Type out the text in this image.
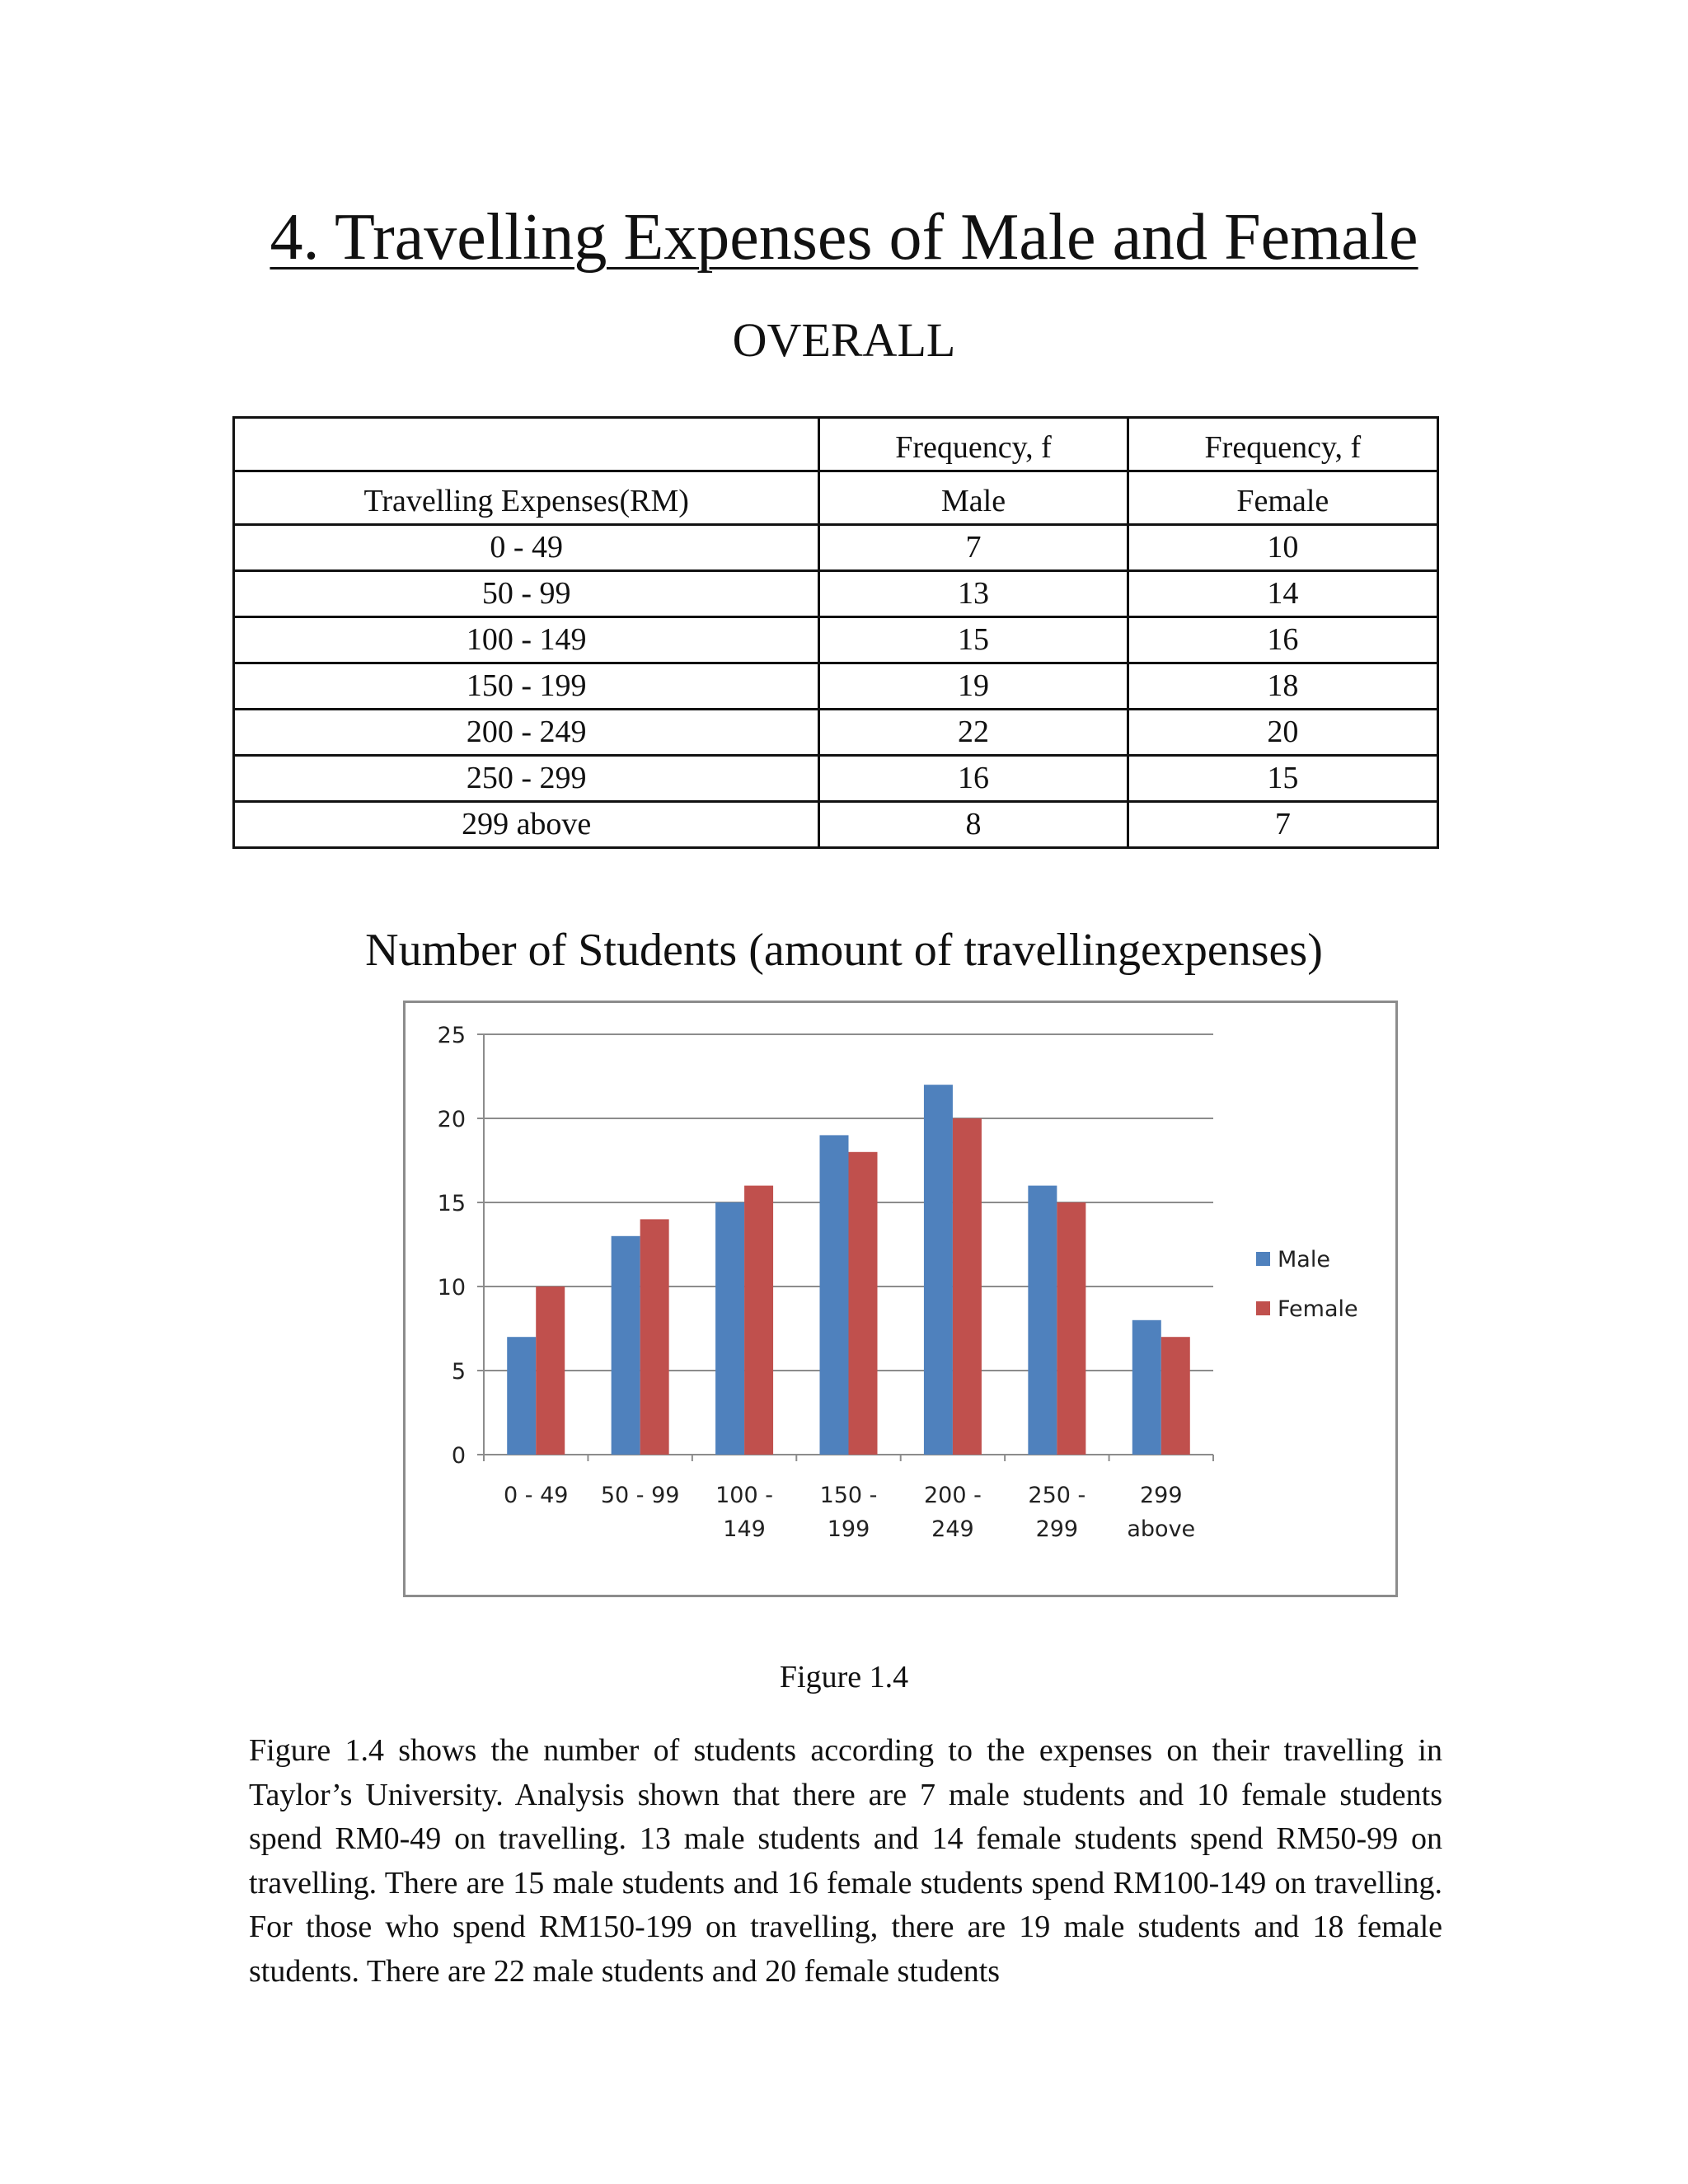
4. Travelling Expenses of Male and Female
OVERALL
	Frequency, f	Frequency, f
Travelling Expenses(RM)	Male	Female
0 - 49	7	10
50 - 99	13	14
100 - 149	15	16
150 - 199	19	18
200 - 249	22	20
250 - 299	16	15
299 above	8	7
Number of Students (amount of travellingexpenses)
0
5
10
15
20
25
0 - 49 50 - 99 100 -
149
150 -
199
200 -
249
250 -
299
299
above
Male
Female
Figure 1.4
Figure 1.4 shows the number of students according to the expenses on their travelling in Taylor’s University. Analysis shown that there are 7 male students and 10 female students spend RM0-49 on travelling. 13 male students and 14 female students spend RM50-99 on travelling. There are 15 male students and 16 female students spend RM100-149 on travelling. For those who spend RM150-199 on travelling, there are 19 male students and 18 female students. There are 22 male students and 20 female students
